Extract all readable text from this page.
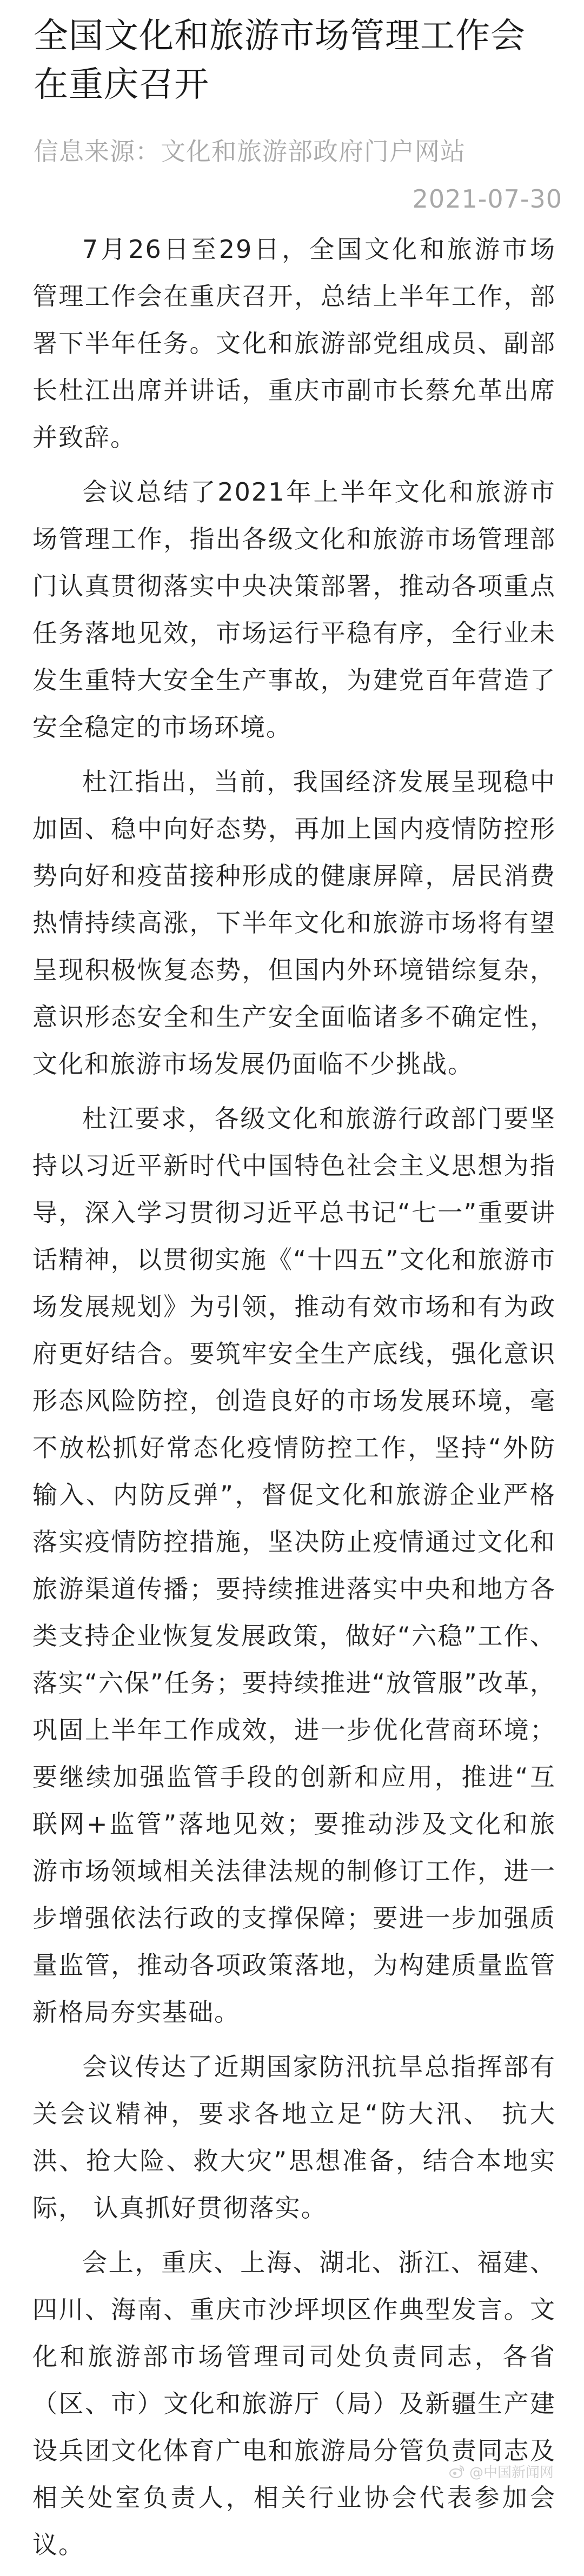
全国文化和旅游市场管理工作会在重庆召开
信息来源：文化和旅游部政府门户网站
2021-07-30

7月26日至29日，全国文化和旅游市场管理工作会在重庆召开，总结上半年工作，部署下半年任务。文化和旅游部党组成员、副部长杜江出席并讲话，重庆市副市长蔡允革出席并致辞。

会议总结了2021年上半年文化和旅游市场管理工作，指出各级文化和旅游市场管理部门认真贯彻落实中央决策部署，推动各项重点任务落地见效，市场运行平稳有序，全行业未发生重特大安全生产事故，为建党百年营造了安全稳定的市场环境。

杜江指出，当前，我国经济发展呈现稳中加固、稳中向好态势，再加上国内疫情防控形势向好和疫苗接种形成的健康屏障，居民消费热情持续高涨，下半年文化和旅游市场将有望呈现积极恢复态势，但国内外环境错综复杂，意识形态安全和生产安全面临诸多不确定性，文化和旅游市场发展仍面临不少挑战。

杜江要求，各级文化和旅游行政部门要坚持以习近平新时代中国特色社会主义思想为指导，深入学习贯彻习近平总书记“七一”重要讲话精神，以贯彻实施《“十四五”文化和旅游市场发展规划》为引领，推动有效市场和有为政府更好结合。要筑牢安全生产底线，强化意识形态风险防控，创造良好的市场发展环境，毫不放松抓好常态化疫情防控工作，坚持“外防输入、内防反弹”，督促文化和旅游企业严格落实疫情防控措施，坚决防止疫情通过文化和旅游渠道传播；要持续推进落实中央和地方各类支持企业恢复发展政策，做好“六稳”工作、落实“六保”任务；要持续推进“放管服”改革，巩固上半年工作成效，进一步优化营商环境；要继续加强监管手段的创新和应用，推进“互联网+监管”落地见效；要推动涉及文化和旅游市场领域相关法律法规的制修订工作，进一步增强依法行政的支撑保障；要进一步加强质量监管，推动各项政策落地，为构建质量监管新格局夯实基础。

会议传达了近期国家防汛抗旱总指挥部有关会议精神，要求各地立足“防大汛、 抗大洪、抢大险、救大灾”思想准备，结合本地实际， 认真抓好贯彻落实。

会上，重庆、上海、湖北、浙江、福建、四川、海南、重庆市沙坪坝区作典型发言。文化和旅游部市场管理司司处负责同志，各省（区、市）文化和旅游厅（局）及新疆生产建设兵团文化体育广电和旅游局分管负责同志及相关处室负责人，相关行业协会代表参加会议。

@中国新闻网
